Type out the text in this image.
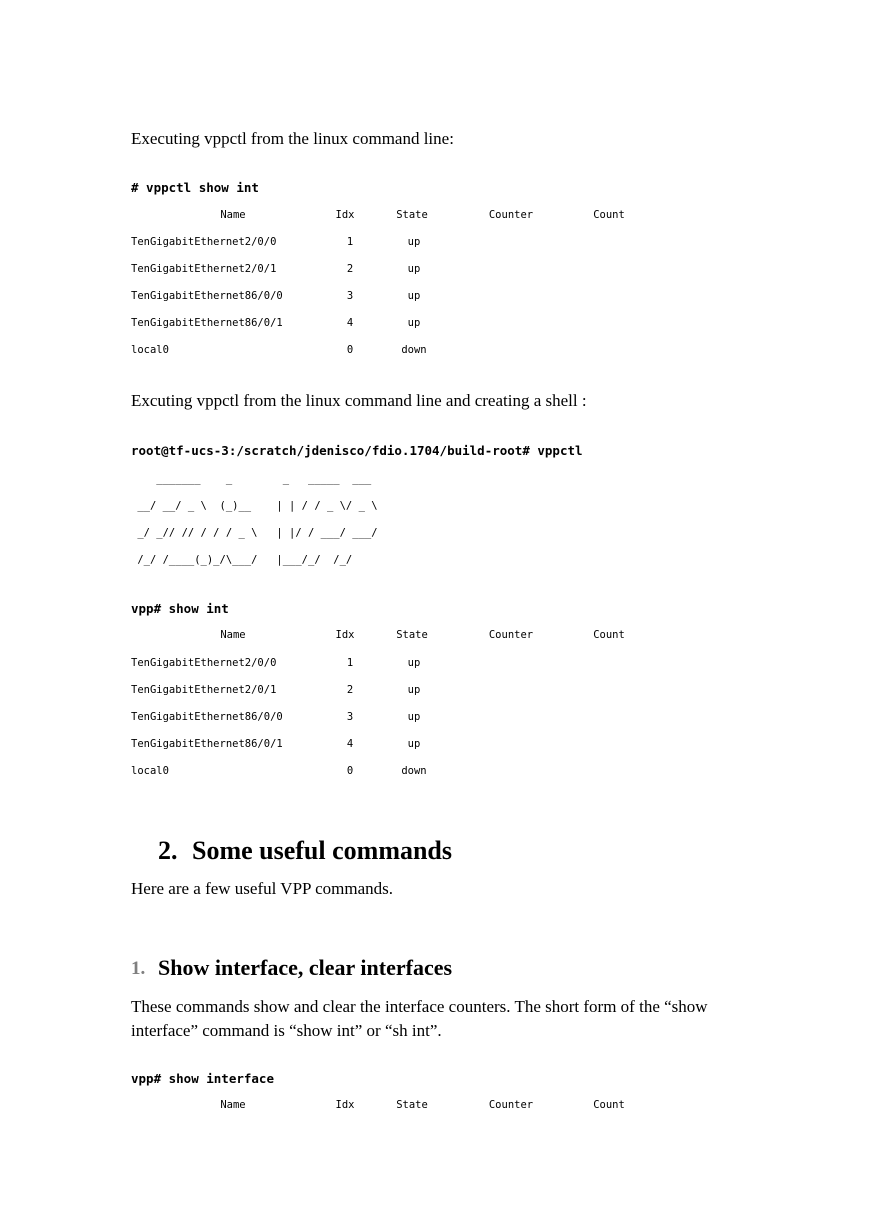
Executing vppctl from the linux command line:
# vppctl show int
Name	Idx	State	Counter	Count
TenGigabitEthernet2/0/0	1	up
TenGigabitEthernet2/0/1	2	up
TenGigabitEthernet86/0/0	3	up
TenGigabitEthernet86/0/1	4	up
local0	0	down
Excuting vppctl from the linux command line and creating a shell :
root@tf-ucs-3:/scratch/jdenisco/fdio.1704/build-root# vppctl
_______    _        _   _____  ___
__/ __/ _ \  (_)__    | | / / _ \/ _ \
_/ _// // / / / _ \   | |/ / ___/ ___/
/_/ /____(_)_/\___/   |___/_/  /_/
vpp# show int
Name	Idx	State	Counter	Count
TenGigabitEthernet2/0/0	1	up
TenGigabitEthernet2/0/1	2	up
TenGigabitEthernet86/0/0	3	up
TenGigabitEthernet86/0/1	4	up
local0	0	down
2. Some useful commands
Here are a few useful VPP commands.
1. Show interface, clear interfaces
These commands show and clear the interface counters. The short form of the “show
interface” command is “show int” or “sh int”.
vpp# show interface
Name	Idx	State	Counter	Count
